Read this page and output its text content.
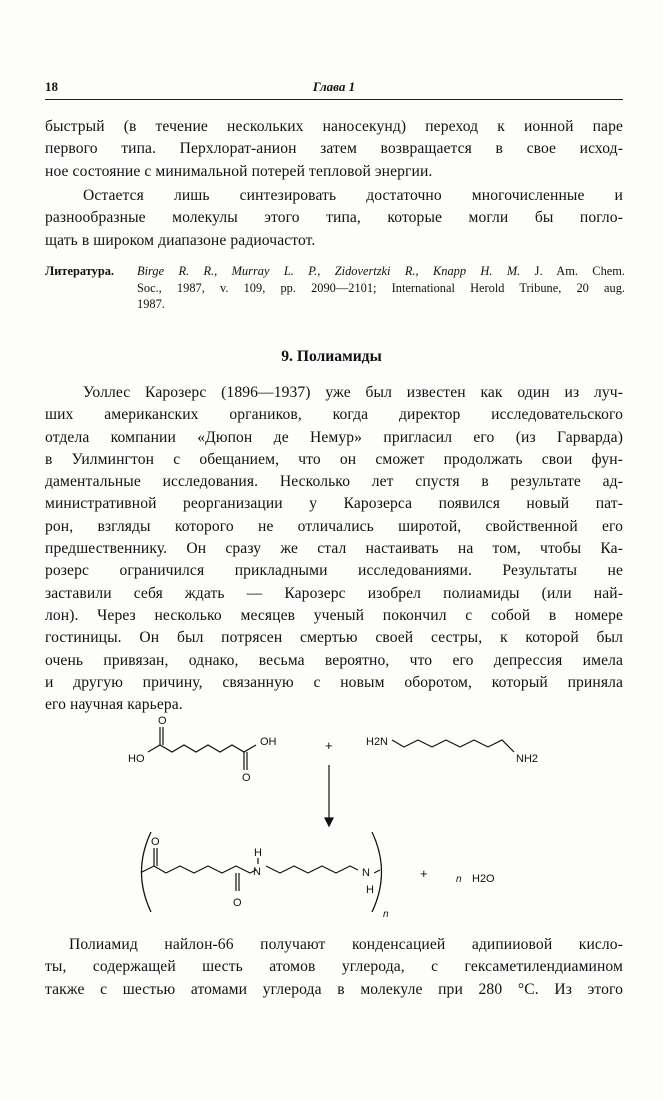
18	Глава 1
быстрый (в течение нескольких наносекунд) переход к ионной паре
первого типа. Перхлорат-анион затем возвращается в свое исход-
ное состояние с минимальной потерей тепловой энергии.
Остается лишь синтезировать достаточно многочисленные и
разнообразные молекулы этого типа, которые могли бы погло-
щать в широком диапазоне радиочастот.
Литература. Birge R. R., Murray L. P., Zidovertzki R., Knapp H. M. J. Am. Chem.
Soc., 1987, v. 109, pp. 2090—2101; International Herold Tribune, 20 aug.
1987.
9. Полиамиды
Уоллес Карозерс (1896—1937) уже был известен как один из луч-
ших американских органиков, когда директор исследовательского
отдела компании «Дюпон де Немур» пригласил его (из Гарварда)
в Уилмингтон с обещанием, что он сможет продолжать свои фун-
даментальные исследования. Несколько лет спустя в результате ад-
министративной реорганизации у Карозерса появился новый пат-
рон, взгляды которого не отличались широтой, свойственной его
предшественнику. Он сразу же стал настаивать на том, чтобы Ка-
розерс ограничился прикладными исследованиями. Результаты не
заставили себя ждать — Карозерс изобрел полиамиды (или най-
лон). Через несколько месяцев ученый покончил с собой в номере
гостиницы. Он был потрясен смертью своей сестры, к которой был
очень привязан, однако, весьма вероятно, что его депрессия имела
и другую причину, связанную с новым оборотом, который приняла
его научная карьера.
O
HO
OH
O
+	H2N
NH2
O
H
N
O
N
H
n
+	n H2O
Полиамид найлон-66 получают конденсацией адипииовой кисло-
ты, содержащей шесть атомов углерода, с гексаметилендиамином
также с шестью атомами углерода в молекуле при 280 °С. Из этого
